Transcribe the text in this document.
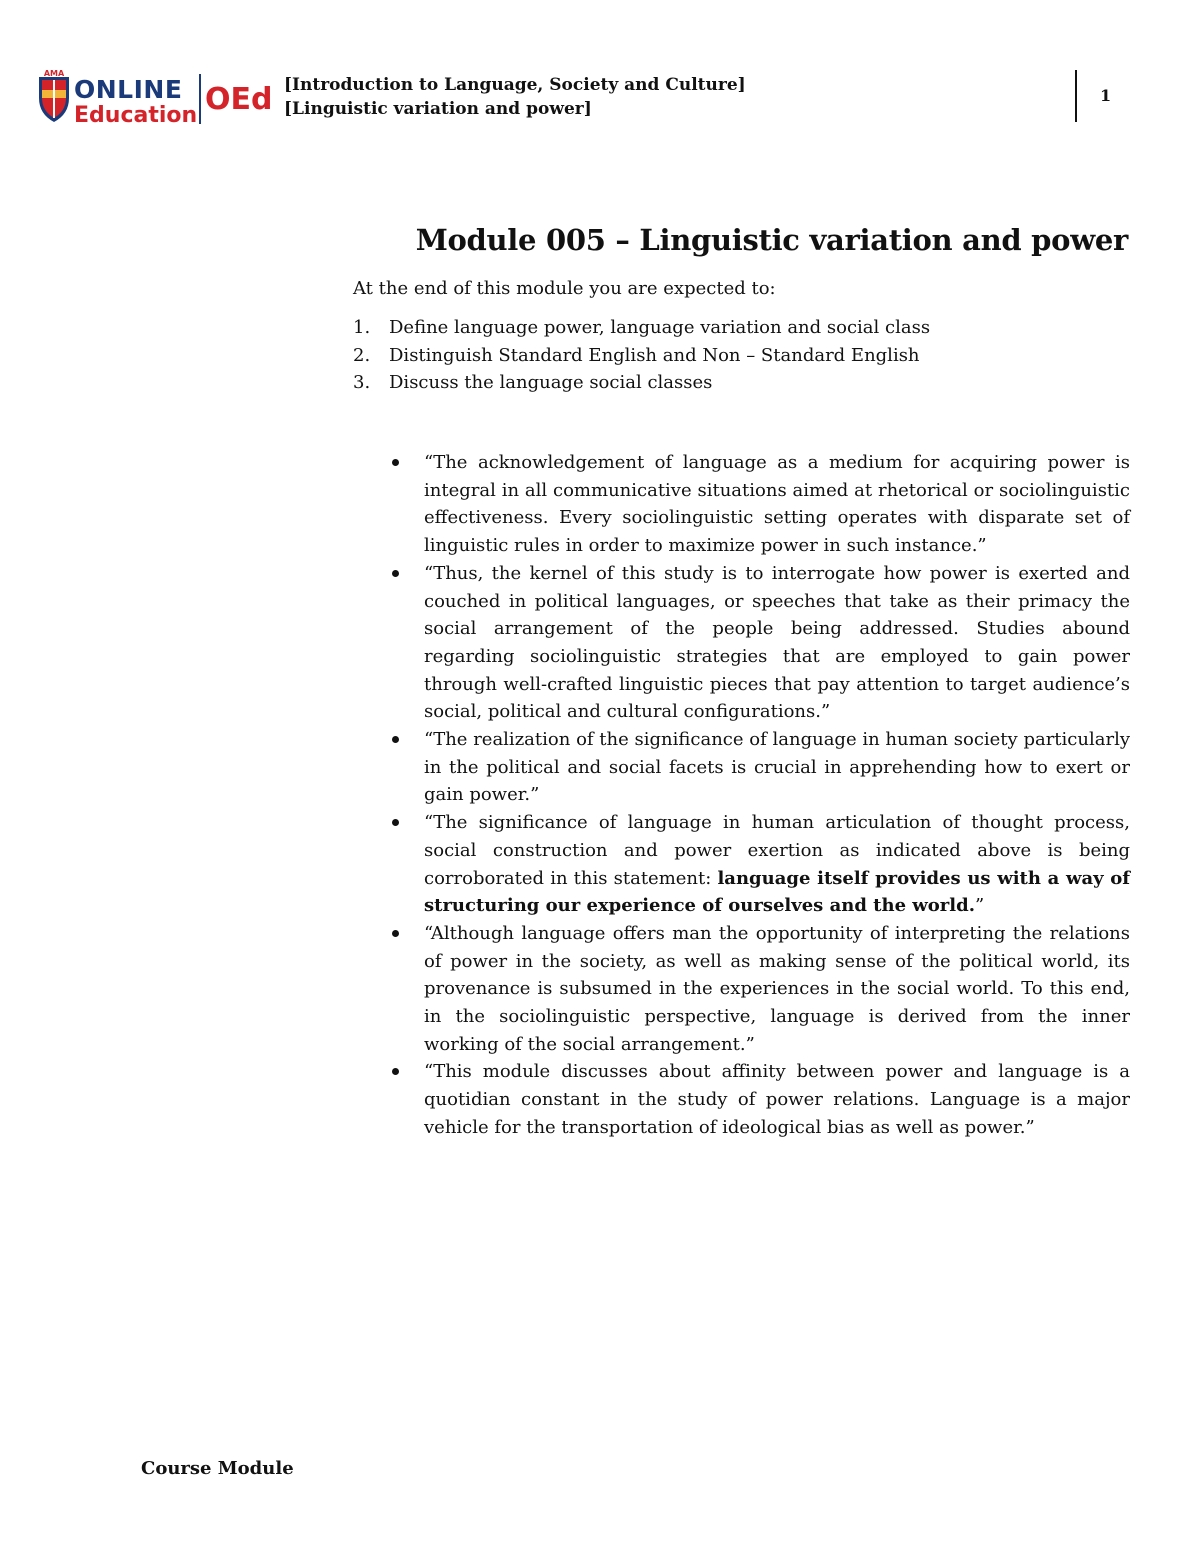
AMA
ONLINE
Education OEd [Introduction to Language, Society and Culture]
[Linguistic variation and power]
1
Module 005 – Linguistic variation and power
At the end of this module you are expected to:
1. Define language power, language variation and social class
2. Distinguish Standard English and Non – Standard English
3. Discuss the language social classes
“The acknowledgement of language as a medium for acquiring power is integral in all communicative situations aimed at rhetorical or sociolinguistic effectiveness. Every sociolinguistic setting operates with disparate set of linguistic rules in order to maximize power in such instance.”
“Thus, the kernel of this study is to interrogate how power is exerted and couched in political languages, or speeches that take as their primacy the social arrangement of the people being addressed. Studies abound regarding sociolinguistic strategies that are employed to gain power through well-crafted linguistic pieces that pay attention to target audience’s social, political and cultural configurations.”
“The realization of the significance of language in human society particularly in the political and social facets is crucial in apprehending how to exert or gain power.”
“The significance of language in human articulation of thought process, social construction and power exertion as indicated above is being corroborated in this statement: language itself provides us with a way of structuring our experience of ourselves and the world.”
“Although language offers man the opportunity of interpreting the relations of power in the society, as well as making sense of the political world, its provenance is subsumed in the experiences in the social world. To this end, in the sociolinguistic perspective, language is derived from the inner working of the social arrangement.”
“This module discusses about affinity between power and language is a quotidian constant in the study of power relations. Language is a major vehicle for the transportation of ideological bias as well as power.”
Course Module
